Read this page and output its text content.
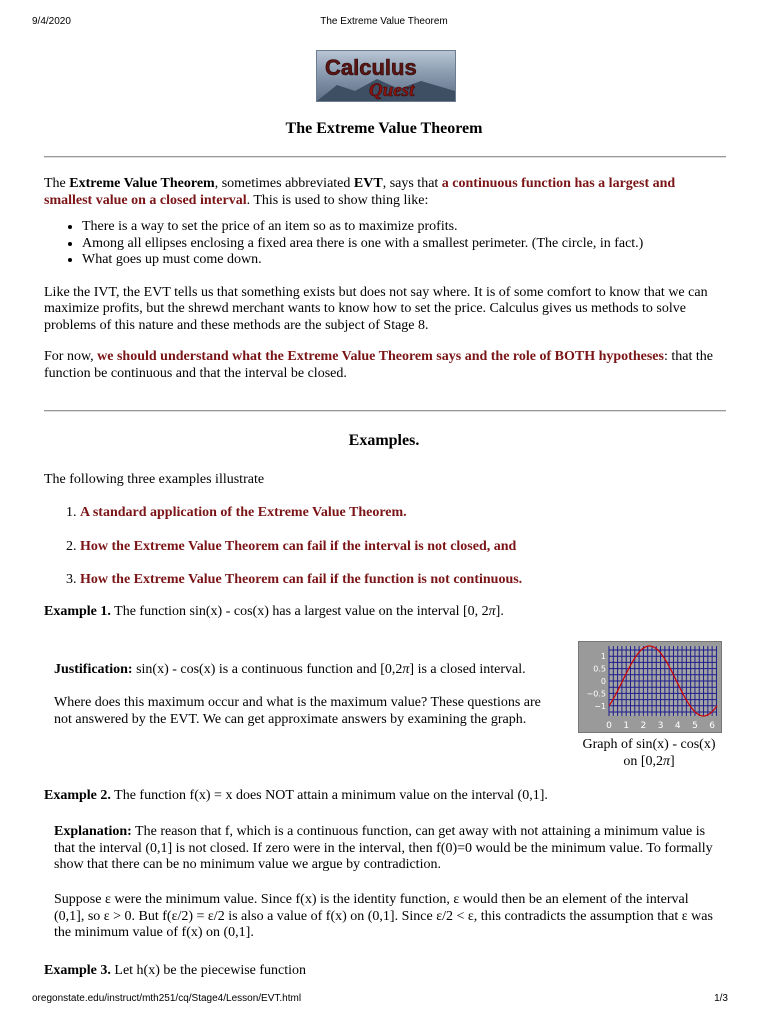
9/4/2020	The Extreme Value Theorem
Calculus
Quest
The Extreme Value Theorem

The Extreme Value Theorem, sometimes abbreviated EVT, says that a continuous function has a largest and smallest value on a closed interval. This is used to show thing like:

• There is a way to set the price of an item so as to maximize profits.
• Among all ellipses enclosing a fixed area there is one with a smallest perimeter. (The circle, in fact.)
• What goes up must come down.

Like the IVT, the EVT tells us that something exists but does not say where. It is of some comfort to know that we can maximize profits, but the shrewd merchant wants to know how to set the price. Calculus gives us methods to solve problems of this nature and these methods are the subject of Stage 8.

For now, we should understand what the Extreme Value Theorem says and the role of BOTH hypotheses: that the function be continuous and that the interval be closed.

Examples.
The following three examples illustrate
1. A standard application of the Extreme Value Theorem.
2. How the Extreme Value Theorem can fail if the interval is not closed, and
3. How the Extreme Value Theorem can fail if the function is not continuous.
Example 1. The function sin(x) - cos(x) has a largest value on the interval [0, 2π].
Justification: sin(x) - cos(x) is a continuous function and [0,2π] is a closed interval.
Where does this maximum occur and what is the maximum value? These questions are not answered by the EVT. We can get approximate answers by examining the graph.
1
0.5
0
−0.5
−1
0 1 2 3 4 5 6
Graph of sin(x) - cos(x)
on [0,2π]
Example 2. The function f(x) = x does NOT attain a minimum value on the interval (0,1].
Explanation: The reason that f, which is a continuous function, can get away with not attaining a minimum value is that the interval (0,1] is not closed. If zero were in the interval, then f(0)=0 would be the minimum value. To formally show that there can be no minimum value we argue by contradiction.
Suppose ε were the minimum value. Since f(x) is the identity function, ε would then be an element of the interval (0,1], so ε > 0. But f(ε/2) = ε/2 is also a value of f(x) on (0,1]. Since ε/2 < ε, this contradicts the assumption that ε was the minimum value of f(x) on (0,1].
Example 3. Let h(x) be the piecewise function
oregonstate.edu/instruct/mth251/cq/Stage4/Lesson/EVT.html	1/3
